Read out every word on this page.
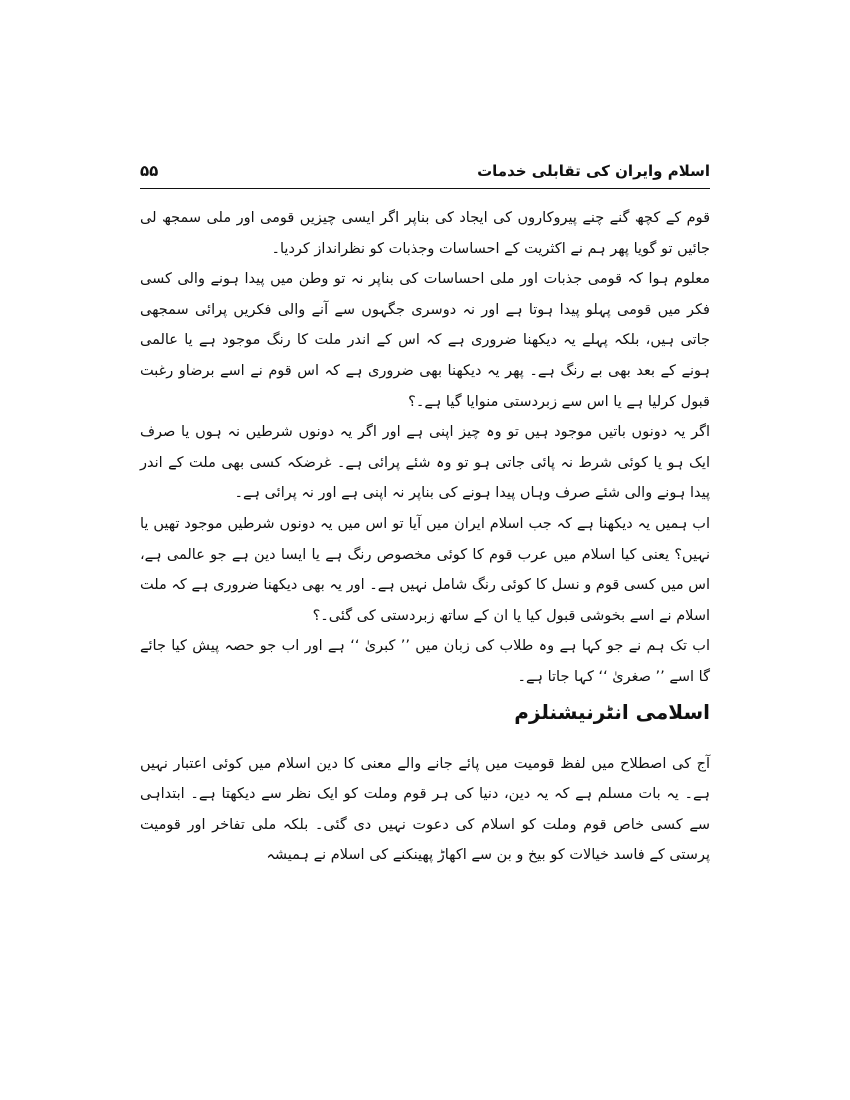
اسلام وایران کی تقابلی خدمات
۵۵

قوم کے کچھ گنے چنے پیروکاروں کی ایجاد کی بناپر اگر ایسی چیزیں قومی اور ملی سمجھ لی جائیں تو گویا پھر ہم نے اکثریت کے احساسات وجذبات کو نظرانداز کردیا۔

معلوم ہوا کہ قومی جذبات اور ملی احساسات کی بناپر نہ تو وطن میں پیدا ہونے والی کسی فکر میں قومی پہلو پیدا ہوتا ہے اور نہ دوسری جگہوں سے آنے والی فکریں پرائی سمجھی جاتی ہیں، بلکہ پہلے یہ دیکھنا ضروری ہے کہ اس کے اندر ملت کا رنگ موجود ہے یا عالمی ہونے کے بعد بھی بے رنگ ہے۔ پھر یہ دیکھنا بھی ضروری ہے کہ اس قوم نے اسے برضاو رغبت قبول کرلیا ہے یا اس سے زبردستی منوایا گیا ہے۔؟

اگر یہ دونوں باتیں موجود ہیں تو وہ چیز اپنی ہے اور اگر یہ دونوں شرطیں نہ ہوں یا صرف ایک ہو یا کوئی شرط نہ پائی جاتی ہو تو وہ شئے پرائی ہے۔ غرضکہ کسی بھی ملت کے اندر پیدا ہونے والی شئے صرف وہاں پیدا ہونے کی بناپر نہ اپنی ہے اور نہ پرائی ہے۔

اب ہمیں یہ دیکھنا ہے کہ جب اسلام ایران میں آیا تو اس میں یہ دونوں شرطیں موجود تھیں یا نہیں؟ یعنی کیا اسلام میں عرب قوم کا کوئی مخصوص رنگ ہے یا ایسا دین ہے جو عالمی ہے، اس میں کسی قوم و نسل کا کوئی رنگ شامل نہیں ہے۔ اور یہ بھی دیکھنا ضروری ہے کہ ملت اسلام نے اسے بخوشی قبول کیا یا ان کے ساتھ زبردستی کی گئی۔؟

اب تک ہم نے جو کہا ہے وہ طلاب کی زبان میں ’’ کبریٰ ‘‘ ہے اور اب جو حصہ پیش کیا جائے گا اسے ’’ صغریٰ ‘‘ کہا جاتا ہے۔

اسلامی انٹرنیشنلزم

آج کی اصطلاح میں لفظ قومیت میں پائے جانے والے معنی کا دین اسلام میں کوئی اعتبار نہیں ہے۔ یہ بات مسلم ہے کہ یہ دین، دنیا کی ہر قوم وملت کو ایک نظر سے دیکھتا ہے۔ ابتداہی سے کسی خاص قوم وملت کو اسلام کی دعوت نہیں دی گئی۔ بلکہ ملی تفاخر اور قومیت پرستی کے فاسد خیالات کو بیخ و بن سے اکھاڑ پھینکنے کی اسلام نے ہمیشہ
